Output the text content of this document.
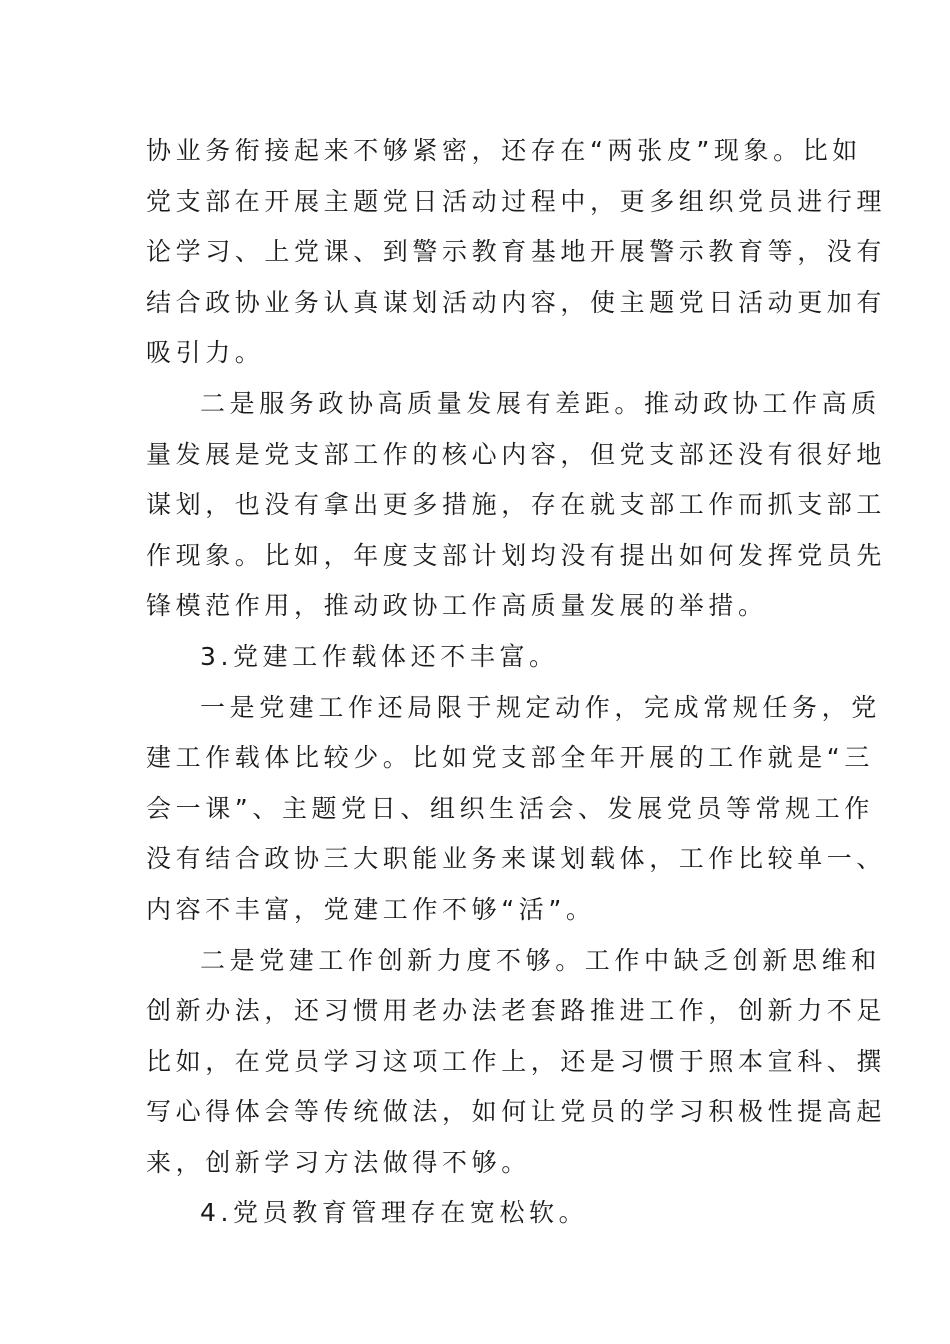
协业务衔接起来不够紧密，还存在“两张皮”现象。比如
党支部在开展主题党日活动过程中，更多组织党员进行理
论学习、上党课、到警示教育基地开展警示教育等，没有
结合政协业务认真谋划活动内容，使主题党日活动更加有
吸引力。
二是服务政协高质量发展有差距。推动政协工作高质
量发展是党支部工作的核心内容，但党支部还没有很好地
谋划，也没有拿出更多措施，存在就支部工作而抓支部工
作现象。比如，年度支部计划均没有提出如何发挥党员先
锋模范作用，推动政协工作高质量发展的举措。
3.党建工作载体还不丰富。
一是党建工作还局限于规定动作，完成常规任务，党
建工作载体比较少。比如党支部全年开展的工作就是“三
会一课”、主题党日、组织生活会、发展党员等常规工作
没有结合政协三大职能业务来谋划载体，工作比较单一、
内容不丰富，党建工作不够“活”。
二是党建工作创新力度不够。工作中缺乏创新思维和
创新办法，还习惯用老办法老套路推进工作，创新力不足
比如，在党员学习这项工作上，还是习惯于照本宣科、撰
写心得体会等传统做法，如何让党员的学习积极性提高起
来，创新学习方法做得不够。
4.党员教育管理存在宽松软。
